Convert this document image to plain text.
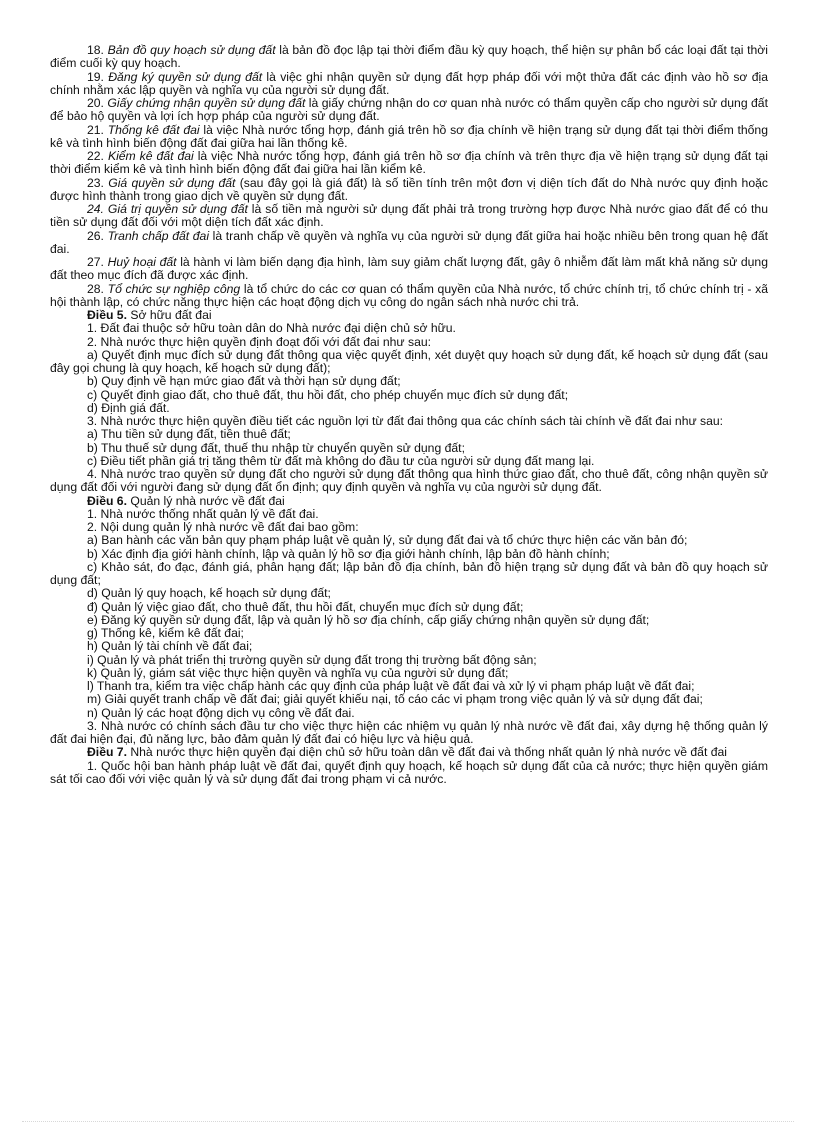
18. Bản đồ quy hoạch sử dụng đất là bản đồ đọc lập tại thời điểm đầu kỳ quy hoạch, thể hiện sự phân bổ các loại đất tại thời điểm cuối kỳ quy hoạch.

19. Đăng ký quyền sử dụng đất là việc ghi nhận quyền sử dụng đất hợp pháp đối với một thửa đất các định vào hồ sơ địa chính nhằm xác lập quyền và nghĩa vụ của người sử dụng đất.

20. Giấy chứng nhận quyền sử dụng đất là giấy chứng nhận do cơ quan nhà nước có thẩm quyền cấp cho người sử dụng đất để bảo hộ quyền và lợi ích hợp pháp của người sử dụng đất.

21. Thống kê đất đai là việc Nhà nước tổng hợp, đánh giá trên hồ sơ địa chính về hiện trạng sử dụng đất tại thời điểm thống kê và tình hình biến động đất đai giữa hai lần thống kê.

22. Kiểm kê đất đai là việc Nhà nước tổng hợp, đánh giá trên hồ sơ địa chính và trên thực địa về hiện trạng sử dụng đất tại thời điểm kiểm kê và tình hình biến động đất đai giữa hai lần kiểm kê.

23. Giá quyền sử dụng đất (sau đây gọi là giá đất) là số tiền tính trên một đơn vị diện tích đất do Nhà nước quy định hoặc được hình thành trong giao dịch về quyền sử dụng đất.

24. Giá trị quyền sử dụng đất là số tiền mà người sử dụng đất phải trả trong trường hợp được Nhà nước giao đất để có thu tiền sử dụng đất đối với một diện tích đất xác định.

26. Tranh chấp đất đai là tranh chấp về quyền và nghĩa vụ của người sử dụng đất giữa hai hoặc nhiều bên trong quan hệ đất đai.

27. Huỷ hoại đất là hành vi làm biến dạng địa hình, làm suy giảm chất lượng đất, gây ô nhiễm đất làm mất khả năng sử dụng đất theo mục đích đã được xác định.

28. Tổ chức sự nghiệp công là tổ chức do các cơ quan có thẩm quyền của Nhà nước, tổ chức chính trị, tổ chức chính trị - xã hội thành lập, có chức năng thực hiện các hoạt động dịch vụ công do ngân sách nhà nước chi trả.

Điều 5. Sở hữu đất đai

1. Đất đai thuộc sở hữu toàn dân do Nhà nước đại diện chủ sở hữu.

2. Nhà nước thực hiện quyền định đoạt đối với đất đai như sau:

a) Quyết định mục đích sử dụng đất thông qua việc quyết định, xét duyệt quy hoạch sử dụng đất, kế hoạch sử dụng đất (sau đây gọi chung là quy hoạch, kế hoạch sử dụng đất);

b) Quy định về hạn mức giao đất và thời hạn sử dụng đất;

c) Quyết định giao đất, cho thuê đất, thu hồi đất, cho phép chuyển mục đích sử dụng đất;

d) Định giá đất.

3. Nhà nước thực hiện quyền điều tiết các nguồn lợi từ đất đai thông qua các chính sách tài chính về đất đai như sau:

a) Thu tiền sử dụng đất, tiền thuê đất;

b) Thu thuế sử dụng đất, thuế thu nhập từ chuyển quyền sử dụng đất;

c) Điều tiết phần giá trị tăng thêm từ đất mà không do đầu tư của người sử dụng đất mang lại.

4. Nhà nước trao quyền sử dụng đất cho người sử dụng đất thông qua hình thức giao đất, cho thuê đất, công nhận quyền sử dụng đất đối với người đang sử dụng đất ổn định; quy định quyền và nghĩa vụ của người sử dụng đất.

Điều 6. Quản lý nhà nước về đất đai

1. Nhà nước thống nhất quản lý về đất đai.

2. Nội dung quản lý nhà nước về đất đai bao gồm:

a) Ban hành các văn bản quy phạm pháp luật về quản lý, sử dụng đất đai và tổ chức thực hiện các văn bản đó;

b) Xác định địa giới hành chính, lập và quản lý hồ sơ địa giới hành chính, lập bản đồ hành chính;

c) Khảo sát, đo đạc, đánh giá, phân hạng đất; lập bản đồ địa chính, bản đồ hiện trạng sử dụng đất và bản đồ quy hoạch sử dụng đất;

d) Quản lý quy hoạch, kế hoạch sử dụng đất;

đ) Quản lý việc giao đất, cho thuê đất, thu hồi đất, chuyển mục đích sử dụng đất;

e) Đăng ký quyền sử dụng đất, lập và quản lý hồ sơ địa chính, cấp giấy chứng nhận quyền sử dụng đất;

g) Thống kê, kiểm kê đất đai;

h) Quản lý tài chính về đất đai;

i) Quản lý và phát triển thị trường quyền sử dụng đất trong thị trường bất động sản;

k) Quản lý, giám sát việc thực hiện quyền và nghĩa vụ của người sử dụng đất;

l) Thanh tra, kiểm tra việc chấp hành các quy định của pháp luật về đất đai và xử lý vi phạm pháp luật về đất đai;

m) Giải quyết tranh chấp về đất đai; giải quyết khiếu nại, tố cáo các vi phạm trong việc quản lý và sử dụng đất đai;

n) Quản lý các hoạt động dịch vụ công về đất đai.

3. Nhà nước có chính sách đầu tư cho việc thực hiện các nhiệm vụ quản lý nhà nước về đất đai, xây dựng hệ thống quản lý đất đai hiện đại, đủ năng lực, bảo đảm quản lý đất đai có hiệu lực và hiệu quả.

Điều 7. Nhà nước thực hiện quyền đại diện chủ sở hữu toàn dân về đất đai và thống nhất quản lý nhà nước về đất đai

1. Quốc hội ban hành pháp luật về đất đai, quyết định quy hoạch, kế hoạch sử dụng đất của cả nước; thực hiện quyền giám sát tối cao đối với việc quản lý và sử dụng đất đai trong phạm vi cả nước.
